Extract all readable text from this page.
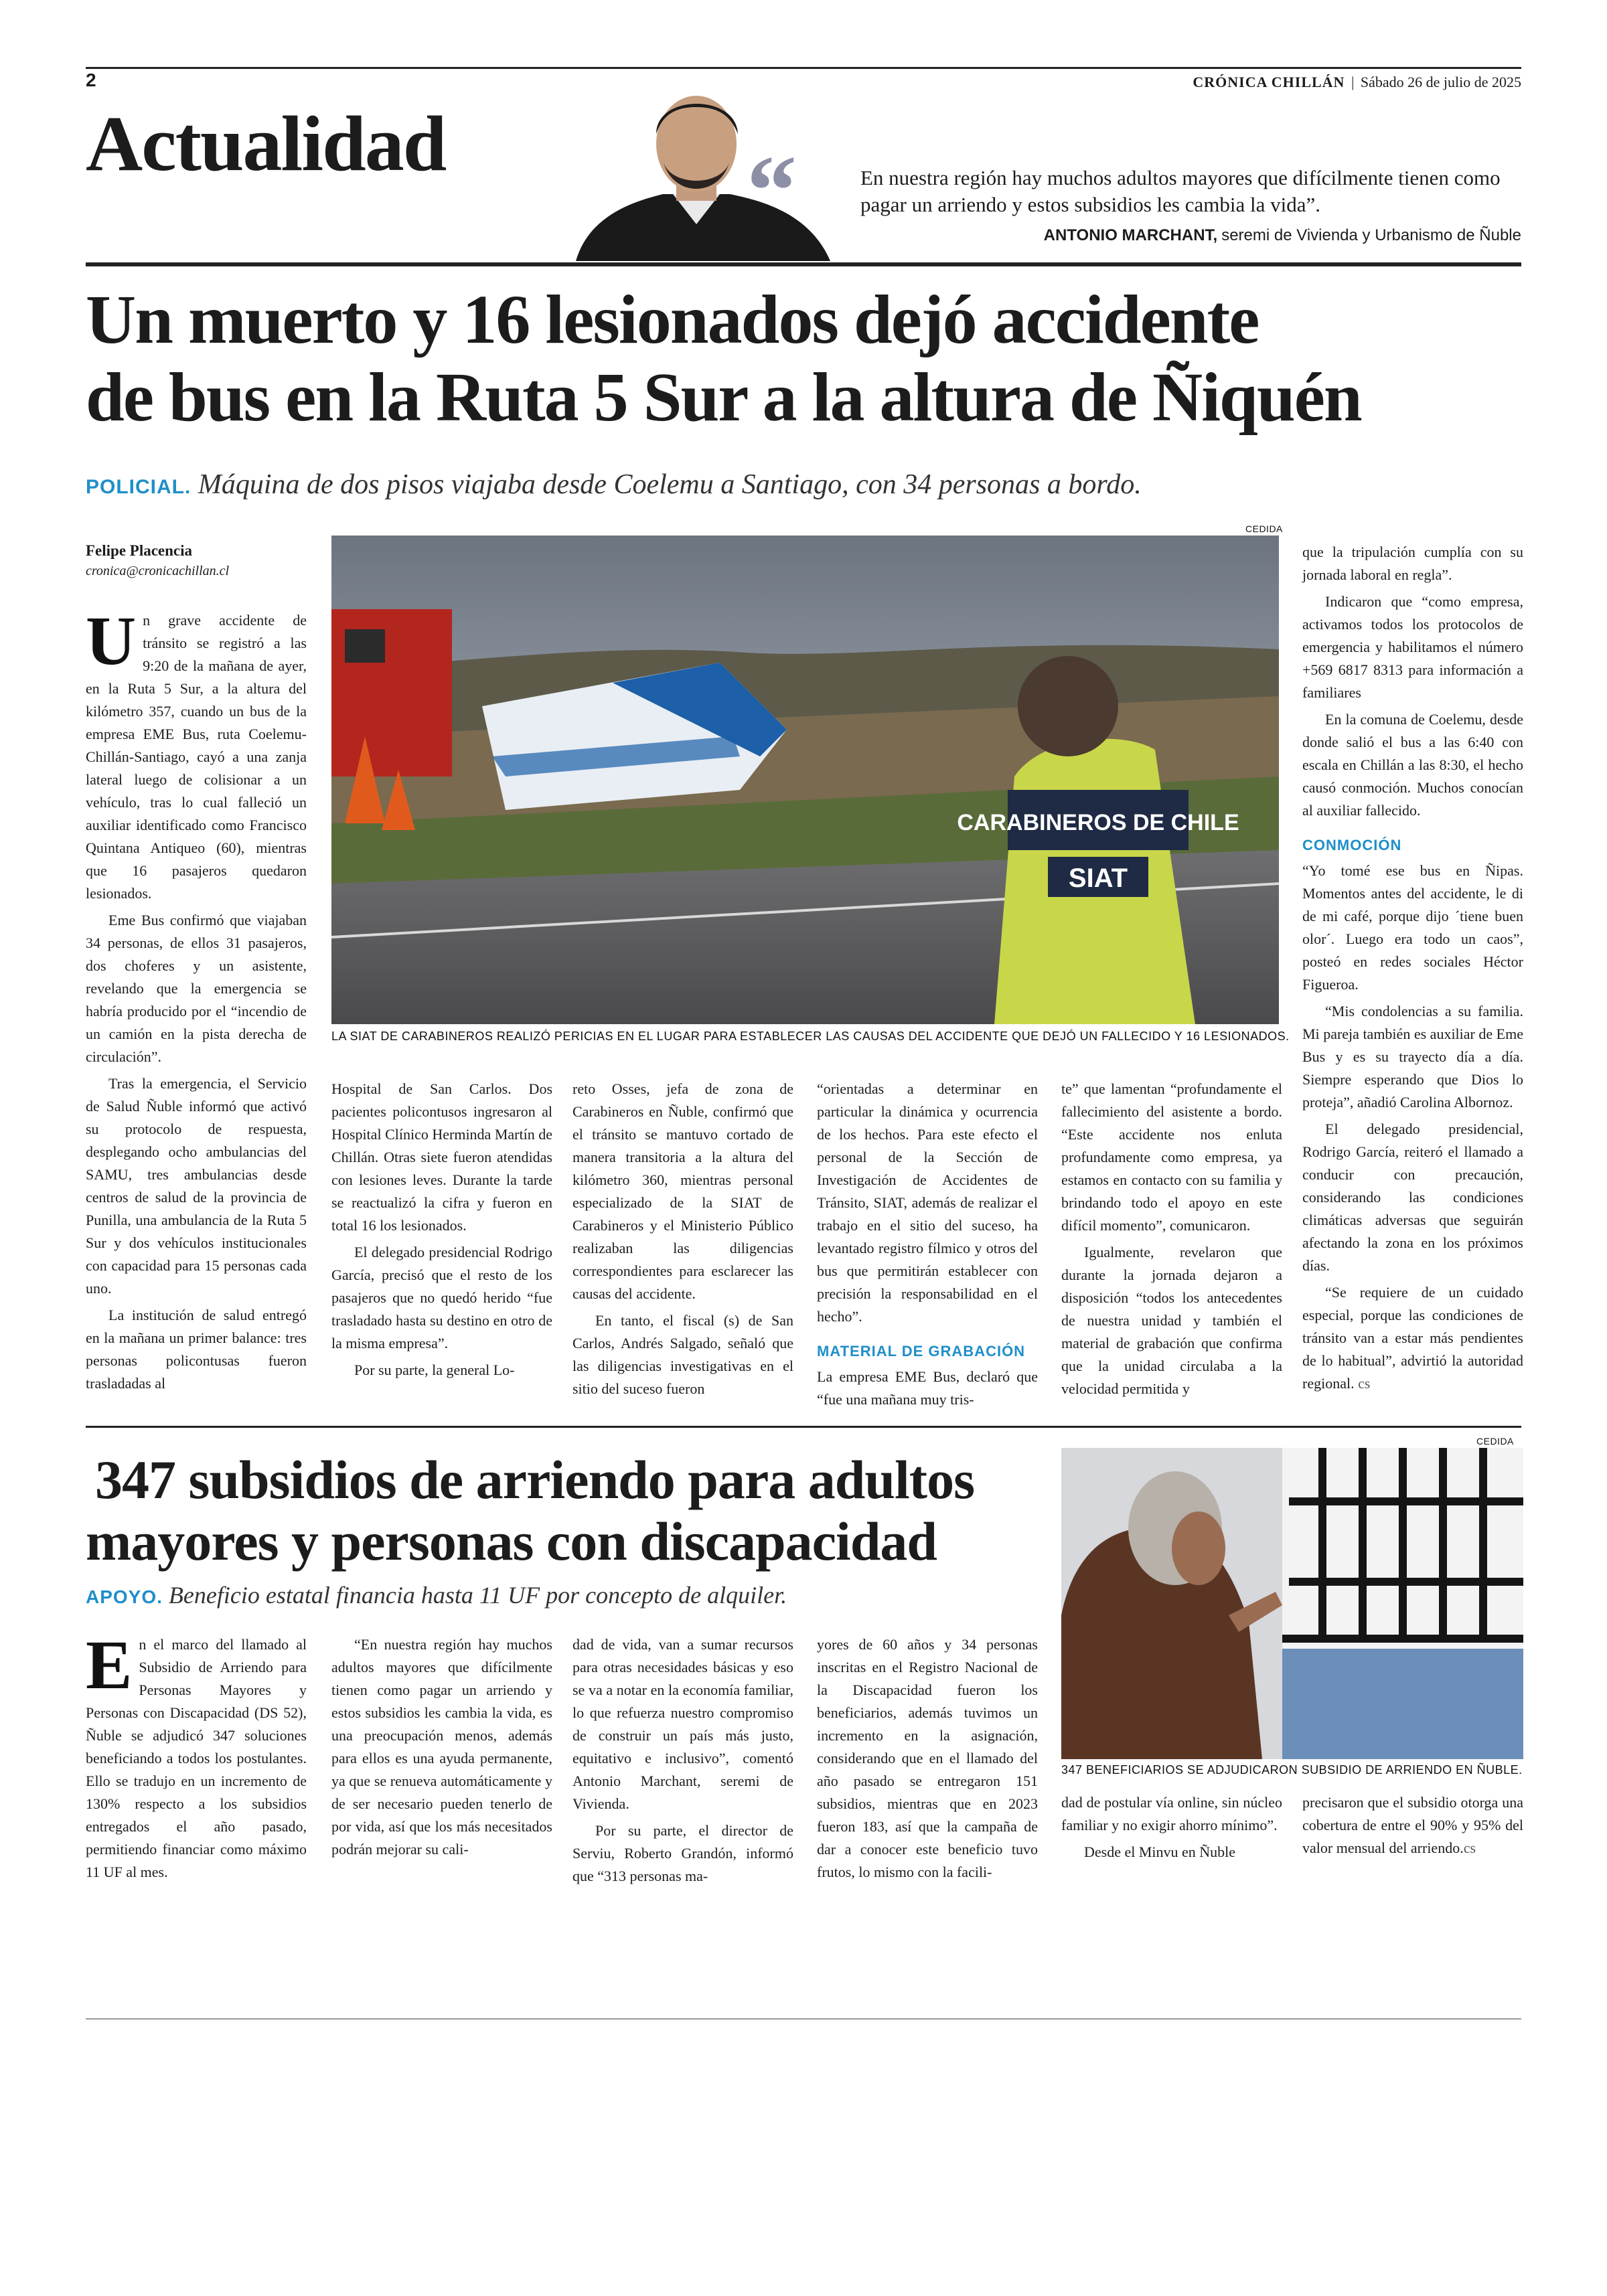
2	CRÓNICA CHILLÁN | Sábado 26 de julio de 2025
Actualidad	“	En nuestra región hay muchos adultos mayores que difícilmente tienen como pagar un arriendo y estos subsidios les cambia la vida”.
ANTONIO MARCHANT, seremi de Vivienda y Urbanismo de Ñuble
Un muerto y 16 lesionados dejó accidente
de bus en la Ruta 5 Sur a la altura de Ñiquén
POLICIAL. Máquina de dos pisos viajaba desde Coelemu a Santiago, con 34 personas a bordo.
Felipe Placencia
cronica@cronicachillan.cl
CEDIDA
CARABINEROS DE CHILE
SIAT
LA SIAT DE CARABINEROS REALIZÓ PERICIAS EN EL LUGAR PARA ESTABLECER LAS CAUSAS DEL ACCIDENTE QUE DEJÓ UN FALLECIDO Y 16 LESIONADOS.

Un grave accidente de tránsito se registró a las 9:20 de la mañana de ayer, en la Ruta 5 Sur, a la altura del kilómetro 357, cuando un bus de la empresa EME Bus, ruta Coelemu-Chillán-Santiago, cayó a una zanja lateral luego de colisionar a un vehículo, tras lo cual falleció un auxiliar identificado como Francisco Quintana Antiqueo (60), mientras que 16 pasajeros quedaron lesionados.

Eme Bus confirmó que viajaban 34 personas, de ellos 31 pasajeros, dos choferes y un asistente, revelando que la emergencia se habría producido por el “incendio de un camión en la pista derecha de circulación”.

Tras la emergencia, el Servicio de Salud Ñuble informó que activó su protocolo de respuesta, desplegando ocho ambulancias del SAMU, tres ambulancias desde centros de salud de la provincia de Punilla, una ambulancia de la Ruta 5 Sur y dos vehículos institucionales con capacidad para 15 personas cada uno.

La institución de salud entregó en la mañana un primer balance: tres personas policontusas fueron trasladadas al

Hospital de San Carlos. Dos pacientes policontusos ingresaron al Hospital Clínico Herminda Martín de Chillán. Otras siete fueron atendidas con lesiones leves. Durante la tarde se reactualizó la cifra y fueron en total 16 los lesionados.

El delegado presidencial Rodrigo García, precisó que el resto de los pasajeros que no quedó herido “fue trasladado hasta su destino en otro de la misma empresa”.

Por su parte, la general Lo-

reto Osses, jefa de zona de Carabineros en Ñuble, confirmó que el tránsito se mantuvo cortado de manera transitoria a la altura del kilómetro 360, mientras personal especializado de la SIAT de Carabineros y el Ministerio Público realizaban las diligencias correspondientes para esclarecer las causas del accidente.

En tanto, el fiscal (s) de San Carlos, Andrés Salgado, señaló que las diligencias investigativas en el sitio del suceso fueron

“orientadas a determinar en particular la dinámica y ocurrencia de los hechos. Para este efecto el personal de la Sección de Investigación de Accidentes de Tránsito, SIAT, además de realizar el trabajo en el sitio del suceso, ha levantado registro fílmico y otros del bus que permitirán establecer con precisión la responsabilidad en el hecho”.

MATERIAL DE GRABACIÓN

La empresa EME Bus, declaró que “fue una mañana muy tris-

te” que lamentan “profundamente el fallecimiento del asistente a bordo. “Este accidente nos enluta profundamente como empresa, ya estamos en contacto con su familia y brindando todo el apoyo en este difícil momento”, comunicaron.

Igualmente, revelaron que durante la jornada dejaron a disposición “todos los antecedentes de nuestra unidad y también el material de grabación que confirma que la unidad circulaba a la velocidad permitida y

que la tripulación cumplía con su jornada laboral en regla”.

Indicaron que “como empresa, activamos todos los protocolos de emergencia y habilitamos el número +569 6817 8313 para información a familiares

En la comuna de Coelemu, desde donde salió el bus a las 6:40 con escala en Chillán a las 8:30, el hecho causó conmoción. Muchos conocían al auxiliar fallecido.

CONMOCIÓN

“Yo tomé ese bus en Ñipas. Momentos antes del accidente, le di de mi café, porque dijo ´tiene buen olor´. Luego era todo un caos”, posteó en redes sociales Héctor Figueroa.

“Mis condolencias a su familia. Mi pareja también es auxiliar de Eme Bus y es su trayecto día a día. Siempre esperando que Dios lo proteja”, añadió Carolina Albornoz.

El delegado presidencial, Rodrigo García, reiteró el llamado a conducir con precaución, considerando las condiciones climáticas adversas que seguirán afectando la zona en los próximos días.

“Se requiere de un cuidado especial, porque las condiciones de tránsito van a estar más pendientes de lo habitual”, advirtió la autoridad regional. cs

347 subsidios de arriendo para adultos
mayores y personas con discapacidad
APOYO. Beneficio estatal financia hasta 11 UF por concepto de alquiler.
CEDIDA
347 BENEFICIARIOS SE ADJUDICARON SUBSIDIO DE ARRIENDO EN ÑUBLE.

En el marco del llamado al Subsidio de Arriendo para Personas Mayores y Personas con Discapacidad (DS 52), Ñuble se adjudicó 347 soluciones beneficiando a todos los postulantes. Ello se tradujo en un incremento de 130% respecto a los subsidios entregados el año pasado, permitiendo financiar como máximo 11 UF al mes.

“En nuestra región hay muchos adultos mayores que difícilmente tienen como pagar un arriendo y estos subsidios les cambia la vida, es una preocupación menos, además para ellos es una ayuda permanente, ya que se renueva automáticamente y de ser necesario pueden tenerlo de por vida, así que los más necesitados podrán mejorar su cali-

dad de vida, van a sumar recursos para otras necesidades básicas y eso se va a notar en la economía familiar, lo que refuerza nuestro compromiso de construir un país más justo, equitativo e inclusivo”, comentó Antonio Marchant, seremi de Vivienda.

Por su parte, el director de Serviu, Roberto Grandón, informó que “313 personas ma-

yores de 60 años y 34 personas inscritas en el Registro Nacional de la Discapacidad fueron los beneficiarios, además tuvimos un incremento en la asignación, considerando que en el llamado del año pasado se entregaron 151 subsidios, mientras que en 2023 fueron 183, así que la campaña de dar a conocer este beneficio tuvo frutos, lo mismo con la facili-

dad de postular vía online, sin núcleo familiar y no exigir ahorro mínimo”.

Desde el Minvu en Ñuble

precisaron que el subsidio otorga una cobertura de entre el 90% y 95% del valor mensual del arriendo.cs
